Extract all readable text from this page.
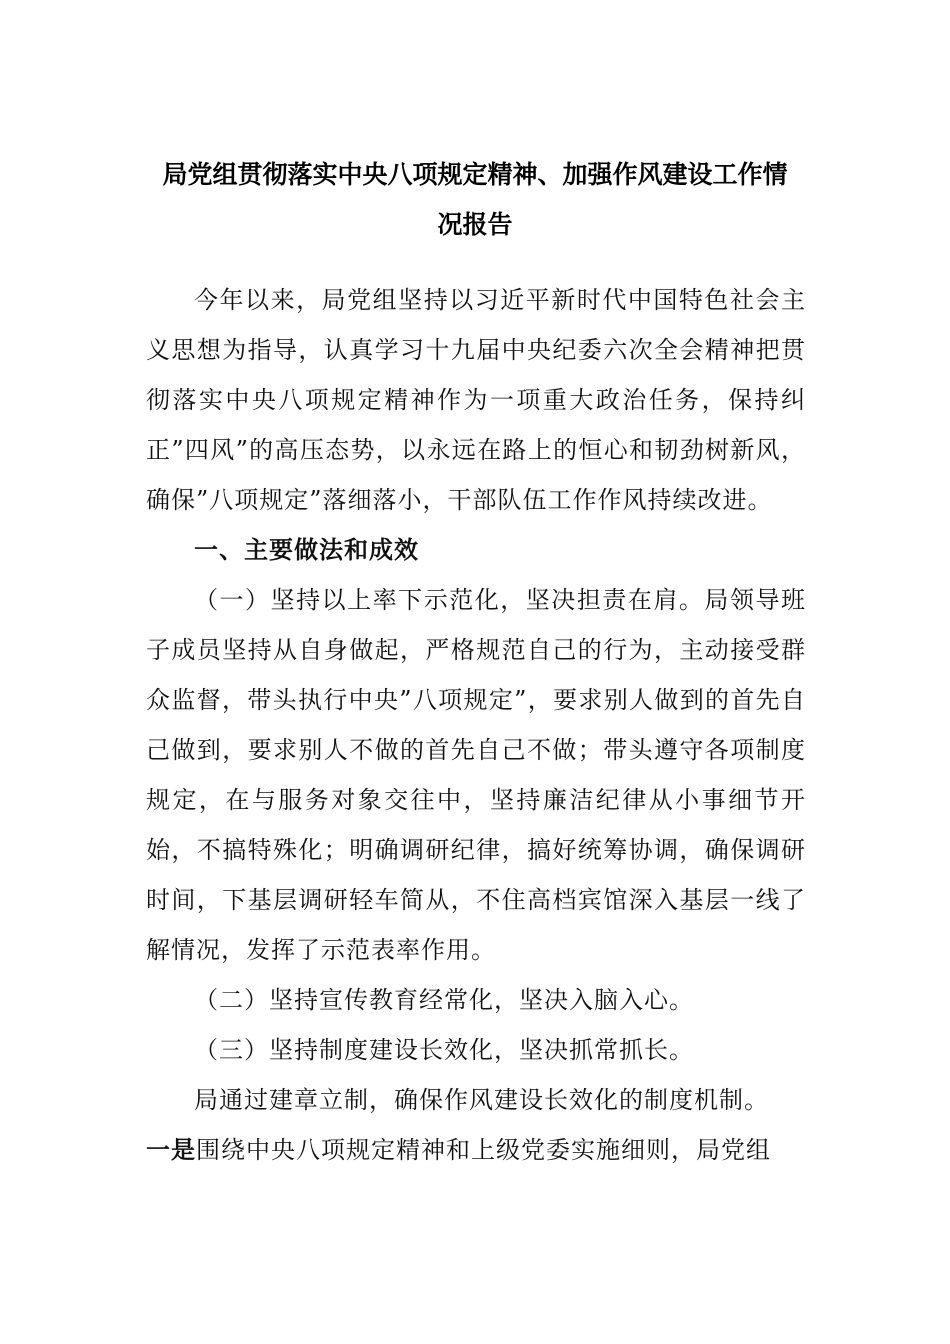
局党组贯彻落实中央八项规定精神、加强作风建设工作情
况报告

今年以来，局党组坚持以习近平新时代中国特色社会主义思想为指导，认真学习十九届中央纪委六次全会精神把贯彻落实中央八项规定精神作为一项重大政治任务，保持纠正”四风”的高压态势，以永远在路上的恒心和韧劲树新风，确保”八项规定”落细落小，干部队伍工作作风持续改进。

一、主要做法和成效

（一）坚持以上率下示范化，坚决担责在肩。局领导班子成员坚持从自身做起，严格规范自己的行为，主动接受群众监督，带头执行中央”八项规定”，要求别人做到的首先自己做到，要求别人不做的首先自己不做；带头遵守各项制度规定，在与服务对象交往中，坚持廉洁纪律从小事细节开始，不搞特殊化；明确调研纪律，搞好统筹协调，确保调研时间，下基层调研轻车简从，不住高档宾馆深入基层一线了解情况，发挥了示范表率作用。

（二）坚持宣传教育经常化，坚决入脑入心。

（三）坚持制度建设长效化，坚决抓常抓长。

局通过建章立制，确保作风建设长效化的制度机制。

一是围绕中央八项规定精神和上级党委实施细则，局党组
